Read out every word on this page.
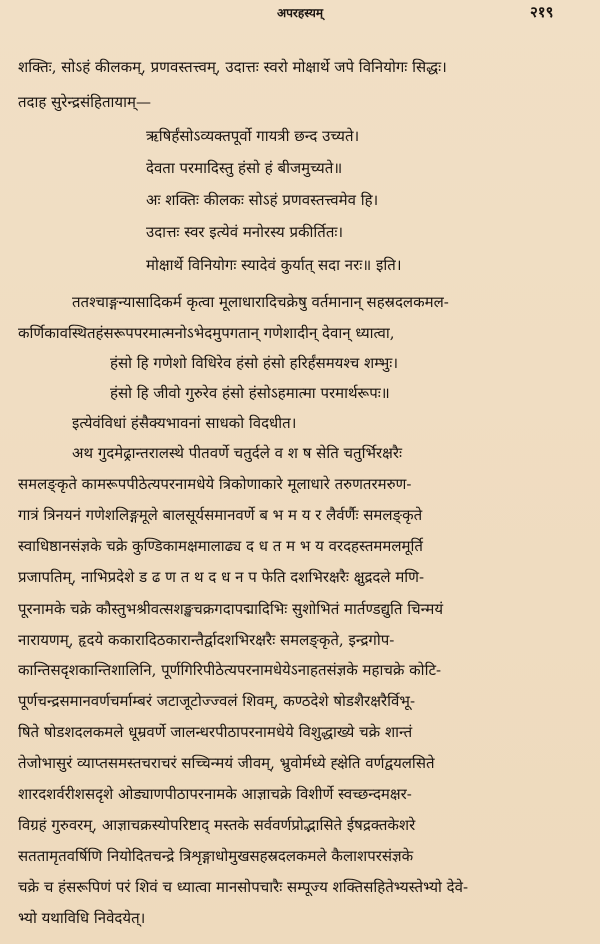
अपरहस्यम्	२१९
शक्तिः, सोऽहं कीलकम्, प्रणवस्तत्त्वम्, उदात्तः स्वरो मोक्षार्थे जपे विनियोगः सिद्धः।
तदाह सुरेन्द्रसंहितायाम्—
ऋषिर्हंसोऽव्यक्तपूर्वो गायत्री छन्द उच्यते।
देवता परमादिस्तु हंसो हं बीजमुच्यते॥
अः शक्तिः कीलकः सोऽहं प्रणवस्तत्त्वमेव हि।
उदात्तः स्वर इत्येवं मनोरस्य प्रकीर्तितः।
मोक्षार्थे विनियोगः स्यादेवं कुर्यात् सदा नरः॥ इति।
ततश्चाङ्गन्यासादिकर्म कृत्वा मूलाधारादिचक्रेषु वर्तमानान् सहस्रदलकमल-
कर्णिकावस्थितहंसरूपपरमात्मनोऽभेदमुपगतान् गणेशादीन् देवान् ध्यात्वा,
हंसो हि गणेशो विधिरेव हंसो हंसो हरिर्हंसमयश्च शम्भुः।
हंसो हि जीवो गुरुरेव हंसो हंसोऽहमात्मा परमार्थरूपः॥
इत्येवंविधां हंसैक्यभावनां साधको विदधीत।
अथ गुदमेढ्रान्तरालस्थे पीतवर्णे चतुर्दले व श ष सेति चतुर्भिरक्षरैः
समलङ्कृते कामरूपपीठेत्यपरनामधेये त्रिकोणाकारे मूलाधारे तरुणतरमरुण-
गात्रं त्रिनयनं गणेशलिङ्गमूले बालसूर्यसमानवर्णे ब भ म य र लैर्वर्णैः समलङ्कृते
स्वाधिष्ठानसंज्ञके चक्रे कुण्डिकामक्षमालाढ्य द ध त म भ य वरदहस्तममलमूर्ति
प्रजापतिम्, नाभिप्रदेशे ड ढ ण त थ द ध न प फेति दशभिरक्षरैः क्षुद्रदले मणि-
पूरनामके चक्रे कौस्तुभश्रीवत्सशङ्खचक्रगदापद्मादिभिः सुशोभितं मार्तण्डद्युति चिन्मयं
नारायणम्, हृदये ककारादिठकारान्तैर्द्वादशभिरक्षरैः समलङ्कृते, इन्द्रगोप-
कान्तिसदृशकान्तिशालिनि, पूर्णगिरिपीठेत्यपरनामधेयेऽनाहतसंज्ञके महाचक्रे कोटि-
पूर्णचन्द्रसमानवर्णचर्माम्बरं जटाजूटोज्ज्वलं शिवम्, कण्ठदेशे षोडशैरक्षरैर्विभू-
षिते षोडशदलकमले धूम्रवर्णे जालन्धरपीठापरनामधेये विशुद्धाख्ये चक्रे शान्तं
तेजोभासुरं व्याप्तसमस्तचराचरं सच्चिन्मयं जीवम्, भ्रुवोर्मध्ये ह्क्षेति वर्णद्वयलसिते
शारदशर्वरीशसदृशे ओड्याणपीठापरनामके आज्ञाचक्रे विशीर्णे स्वच्छन्दमक्षर-
विग्रहं गुरुवरम्, आज्ञाचक्रस्योपरिष्टाद् मस्तके सर्ववर्णप्रोद्भासिते ईषद्रक्तकेशरे
सततामृतवर्षिणि नियोदितचन्द्रे त्रिशृङ्गाधोमुखसहस्रदलकमले कैलाशपरसंज्ञके
चक्रे च हंसरूपिणं परं शिवं च ध्यात्वा मानसोपचारैः सम्पूज्य शक्तिसहितेभ्यस्तेभ्यो देवे-
भ्यो यथाविधि निवेदयेत्।
